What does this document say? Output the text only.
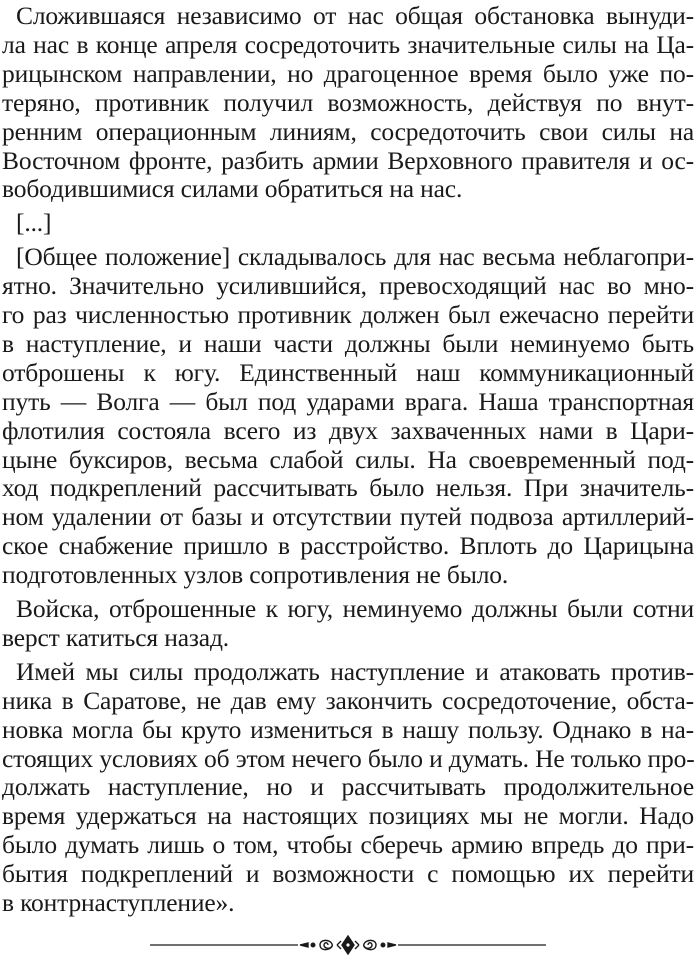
Сложившаяся независимо от нас общая обстановка вынуди-
ла нас в конце апреля сосредоточить значительные силы на Ца-
рицынском направлении, но драгоценное время было уже по-
теряно, противник получил возможность, действуя по внут-
ренним операционным линиям, сосредоточить свои силы на
Восточном фронте, разбить армии Верховного правителя и ос-
вободившимися силами обратиться на нас.
[...]
[Общее положение] складывалось для нас весьма неблагопри-
ятно. Значительно усилившийся, превосходящий нас во мно-
го раз численностью противник должен был ежечасно перейти
в наступление, и наши части должны были неминуемо быть
отброшены к югу. Единственный наш коммуникационный
путь — Волга — был под ударами врага. Наша транспортная
флотилия состояла всего из двух захваченных нами в Цари-
цыне буксиров, весьма слабой силы. На своевременный под-
ход подкреплений рассчитывать было нельзя. При значитель-
ном удалении от базы и отсутствии путей подвоза артиллерий-
ское снабжение пришло в расстройство. Вплоть до Царицына
подготовленных узлов сопротивления не было.
Войска, отброшенные к югу, неминуемо должны были сотни
верст катиться назад.
Имей мы силы продолжать наступление и атаковать против-
ника в Саратове, не дав ему закончить сосредоточение, обста-
новка могла бы круто измениться в нашу пользу. Однако в на-
стоящих условиях об этом нечего было и думать. Не только про-
должать наступление, но и рассчитывать продолжительное
время удержаться на настоящих позициях мы не могли. Надо
было думать лишь о том, чтобы сберечь армию впредь до при-
бытия подкреплений и возможности с помощью их перейти
в контрнаступление».
